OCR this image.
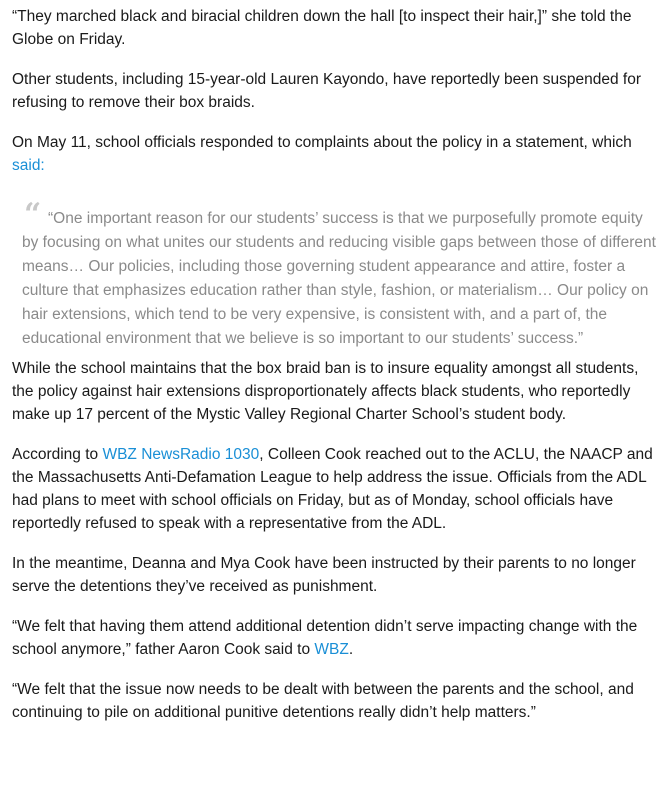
“They marched black and biracial children down the hall [to inspect their hair,]” she told the Globe on Friday.

Other students, including 15-year-old Lauren Kayondo, have reportedly been suspended for refusing to remove their box braids.

On May 11, school officials responded to complaints about the policy in a statement, which said:

“ “One important reason for our students’ success is that we purposefully promote equity by focusing on what unites our students and reducing visible gaps between those of different means… Our policies, including those governing student appearance and attire, foster a culture that emphasizes education rather than style, fashion, or materialism… Our policy on hair extensions, which tend to be very expensive, is consistent with, and a part of, the educational environment that we believe is so important to our students’ success.”

While the school maintains that the box braid ban is to insure equality amongst all students, the policy against hair extensions disproportionately affects black students, who reportedly make up 17 percent of the Mystic Valley Regional Charter School’s student body.

According to WBZ NewsRadio 1030, Colleen Cook reached out to the ACLU, the NAACP and the Massachusetts Anti-Defamation League to help address the issue. Officials from the ADL had plans to meet with school officials on Friday, but as of Monday, school officials have reportedly refused to speak with a representative from the ADL.

In the meantime, Deanna and Mya Cook have been instructed by their parents to no longer serve the detentions they’ve received as punishment.

“We felt that having them attend additional detention didn’t serve impacting change with the school anymore,” father Aaron Cook said to WBZ.

“We felt that the issue now needs to be dealt with between the parents and the school, and continuing to pile on additional punitive detentions really didn’t help matters.”
